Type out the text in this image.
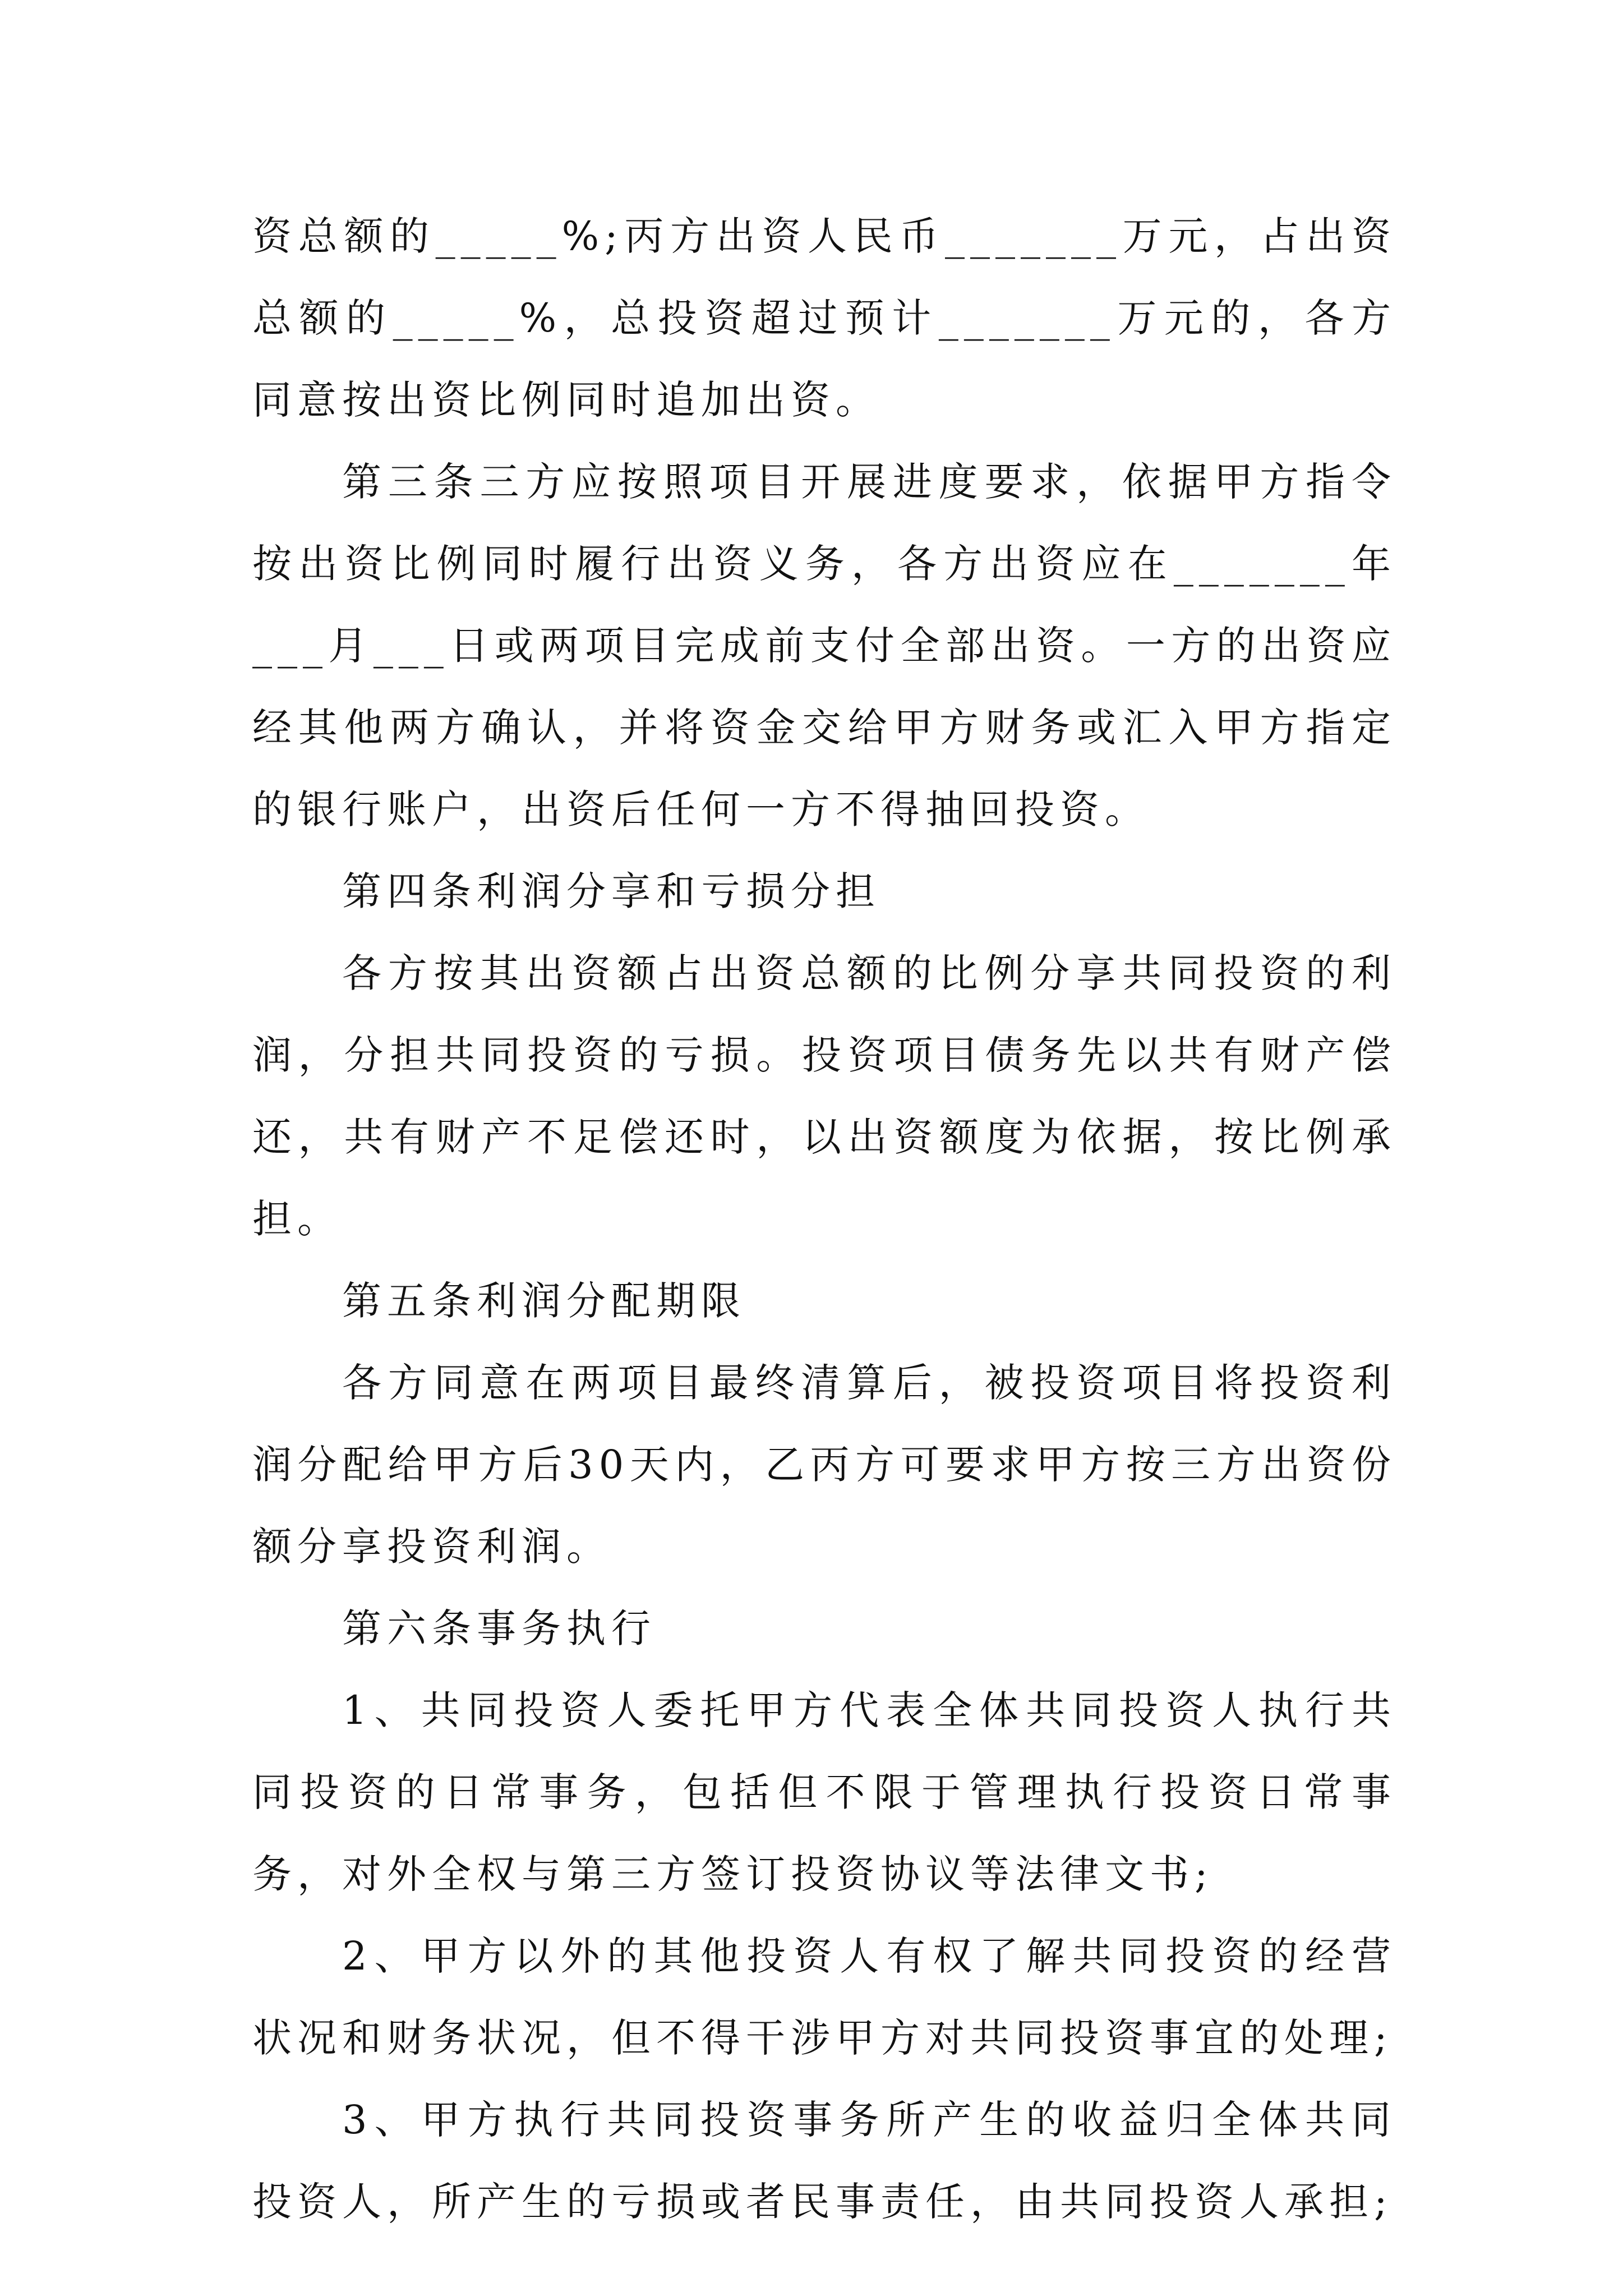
资总额的_____%;丙方出资人民币_______万元，占出资总额的_____%，总投资超过预计_______万元的，各方同意按出资比例同时追加出资。

第三条三方应按照项目开展进度要求，依据甲方指令按出资比例同时履行出资义务，各方出资应在_______年___月___日或两项目完成前支付全部出资。一方的出资应经其他两方确认，并将资金交给甲方财务或汇入甲方指定的银行账户，出资后任何一方不得抽回投资。

第四条利润分享和亏损分担

各方按其出资额占出资总额的比例分享共同投资的利润，分担共同投资的亏损。投资项目债务先以共有财产偿还，共有财产不足偿还时，以出资额度为依据，按比例承担。

第五条利润分配期限

各方同意在两项目最终清算后，被投资项目将投资利润分配给甲方后30天内，乙丙方可要求甲方按三方出资份额分享投资利润。

第六条事务执行

1、共同投资人委托甲方代表全体共同投资人执行共同投资的日常事务，包括但不限于管理执行投资日常事务，对外全权与第三方签订投资协议等法律文书;

2、甲方以外的其他投资人有权了解共同投资的经营状况和财务状况，但不得干涉甲方对共同投资事宜的处理;

3、甲方执行共同投资事务所产生的收益归全体共同投资人，所产生的亏损或者民事责任，由共同投资人承担;
